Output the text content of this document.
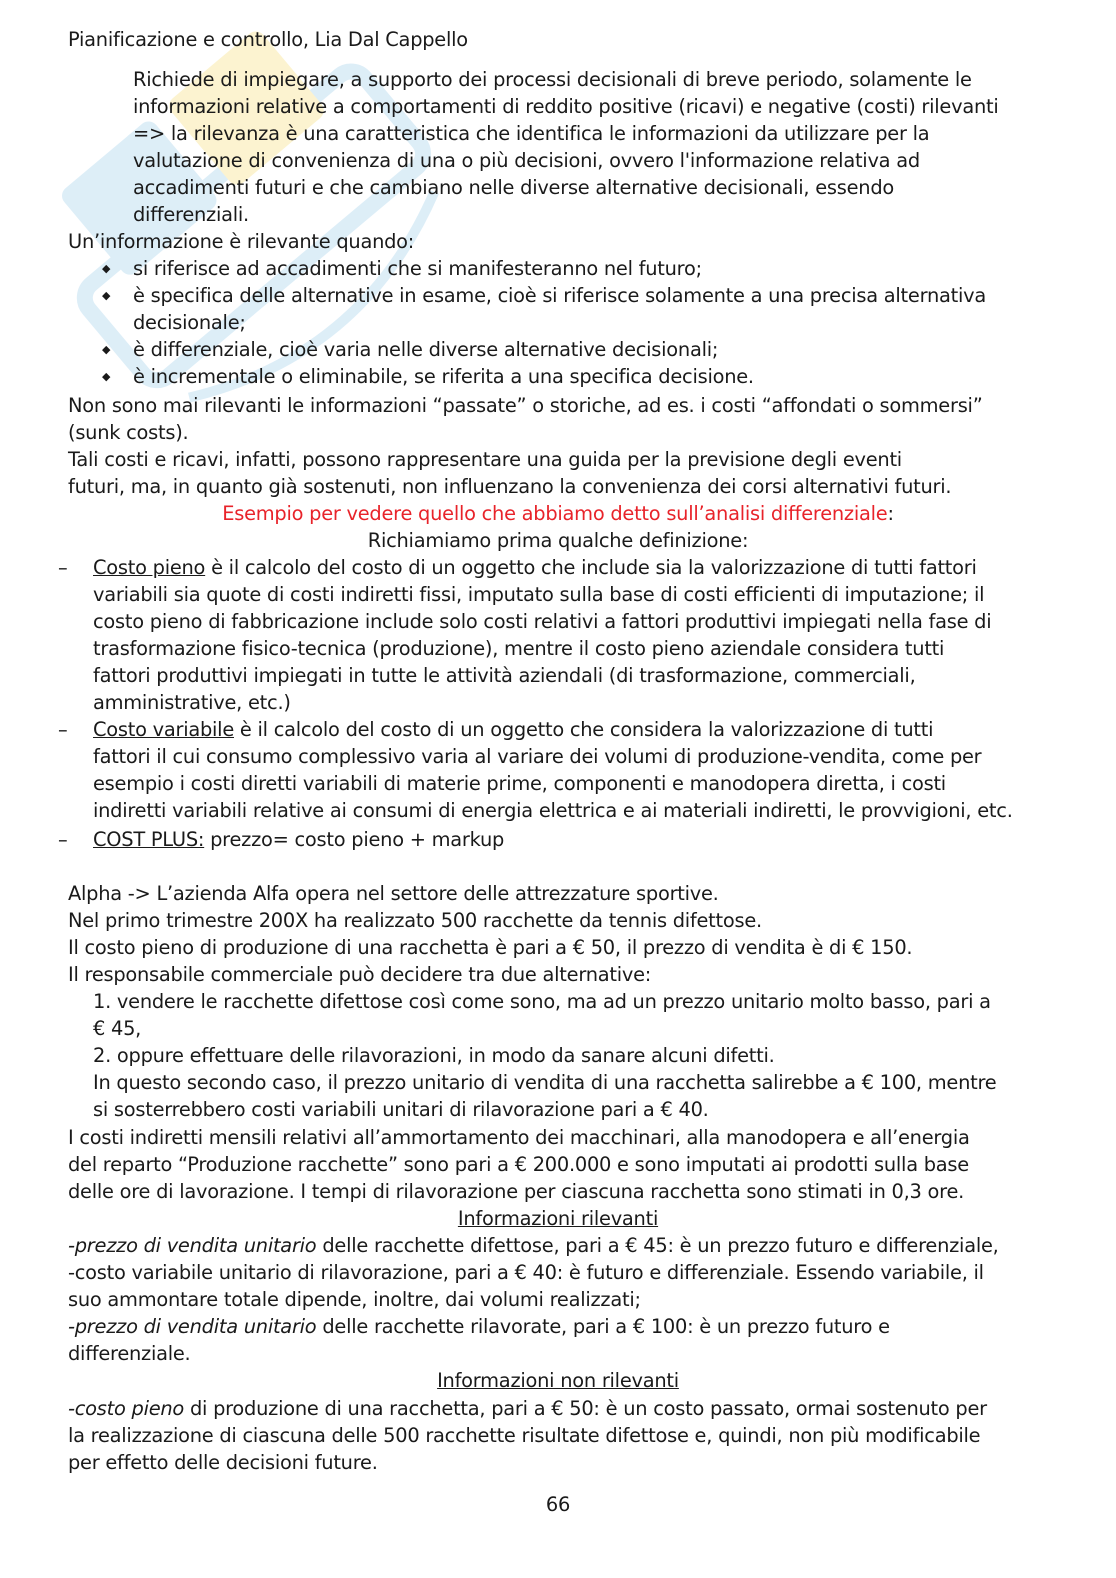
Pianificazione e controllo, Lia Dal Cappello
Richiede di impiegare, a supporto dei processi decisionali di breve periodo, solamente le
informazioni relative a comportamenti di reddito positive (ricavi) e negative (costi) rilevanti
=> la rilevanza è una caratteristica che identifica le informazioni da utilizzare per la
valutazione di convenienza di una o più decisioni, ovvero l'informazione relativa ad
accadimenti futuri e che cambiano nelle diverse alternative decisionali, essendo
differenziali.
Un’informazione è rilevante quando:
◆ si riferisce ad accadimenti che si manifesteranno nel futuro;
◆ è specifica delle alternative in esame, cioè si riferisce solamente a una precisa alternativa
decisionale;
◆ è differenziale, cioè varia nelle diverse alternative decisionali;
◆ è incrementale o eliminabile, se riferita a una specifica decisione.
Non sono mai rilevanti le informazioni “passate” o storiche, ad es. i costi “affondati o sommersi”
(sunk costs).
Tali costi e ricavi, infatti, possono rappresentare una guida per la previsione degli eventi
futuri, ma, in quanto già sostenuti, non influenzano la convenienza dei corsi alternativi futuri.
Esempio per vedere quello che abbiamo detto sull’analisi differenziale:
Richiamiamo prima qualche definizione:
– Costo pieno è il calcolo del costo di un oggetto che include sia la valorizzazione di tutti fattori
variabili sia quote di costi indiretti fissi, imputato sulla base di costi efficienti di imputazione; il
costo pieno di fabbricazione include solo costi relativi a fattori produttivi impiegati nella fase di
trasformazione fisico-tecnica (produzione), mentre il costo pieno aziendale considera tutti
fattori produttivi impiegati in tutte le attività aziendali (di trasformazione, commerciali,
amministrative, etc.)
– Costo variabile è il calcolo del costo di un oggetto che considera la valorizzazione di tutti
fattori il cui consumo complessivo varia al variare dei volumi di produzione-vendita, come per
esempio i costi diretti variabili di materie prime, componenti e manodopera diretta, i costi
indiretti variabili relative ai consumi di energia elettrica e ai materiali indiretti, le provvigioni, etc.
– COST PLUS: prezzo= costo pieno + markup
Alpha -> L’azienda Alfa opera nel settore delle attrezzature sportive.
Nel primo trimestre 200X ha realizzato 500 racchette da tennis difettose.
Il costo pieno di produzione di una racchetta è pari a € 50, il prezzo di vendita è di € 150.
Il responsabile commerciale può decidere tra due alternative:
1. vendere le racchette difettose così come sono, ma ad un prezzo unitario molto basso, pari a
€ 45,
2. oppure effettuare delle rilavorazioni, in modo da sanare alcuni difetti.
In questo secondo caso, il prezzo unitario di vendita di una racchetta salirebbe a € 100, mentre
si sosterrebbero costi variabili unitari di rilavorazione pari a € 40.
I costi indiretti mensili relativi all’ammortamento dei macchinari, alla manodopera e all’energia
del reparto “Produzione racchette” sono pari a € 200.000 e sono imputati ai prodotti sulla base
delle ore di lavorazione. I tempi di rilavorazione per ciascuna racchetta sono stimati in 0,3 ore.
Informazioni rilevanti
-prezzo di vendita unitario delle racchette difettose, pari a € 45: è un prezzo futuro e differenziale,
-costo variabile unitario di rilavorazione, pari a € 40: è futuro e differenziale. Essendo variabile, il
suo ammontare totale dipende, inoltre, dai volumi realizzati;
-prezzo di vendita unitario delle racchette rilavorate, pari a € 100: è un prezzo futuro e
differenziale.
Informazioni non rilevanti
-costo pieno di produzione di una racchetta, pari a € 50: è un costo passato, ormai sostenuto per
la realizzazione di ciascuna delle 500 racchette risultate difettose e, quindi, non più modificabile
per effetto delle decisioni future.
66
